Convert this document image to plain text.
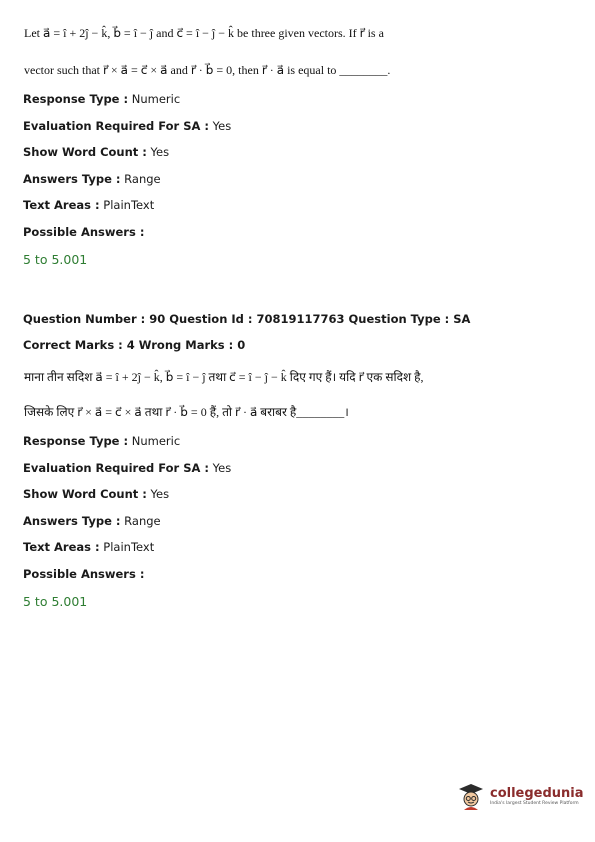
Let a⃗ = î + 2ĵ − k̂, b⃗ = î − ĵ and c⃗ = î − ĵ − k̂ be three given vectors. If r⃗ is a
vector such that r⃗ × a⃗ = c⃗ × a⃗ and r⃗ · b⃗ = 0, then r⃗ · a⃗ is equal to ________.
Response Type : Numeric
Evaluation Required For SA : Yes
Show Word Count : Yes
Answers Type : Range
Text Areas : PlainText
Possible Answers :
5 to 5.001
Question Number : 90 Question Id : 70819117763 Question Type : SA
Correct Marks : 4 Wrong Marks : 0
माना तीन सदिश a⃗ = î + 2ĵ − k̂, b⃗ = î − ĵ तथा c⃗ = î − ĵ − k̂ दिए गए हैं। यदि r⃗ एक सदिश है,
जिसके लिए r⃗ × a⃗ = c⃗ × a⃗ तथा r⃗ · b⃗ = 0 हैं, तो r⃗ · a⃗ बराबर है________।
Response Type : Numeric
Evaluation Required For SA : Yes
Show Word Count : Yes
Answers Type : Range
Text Areas : PlainText
Possible Answers :
5 to 5.001
collegedunia
India's largest Student Review Platform
